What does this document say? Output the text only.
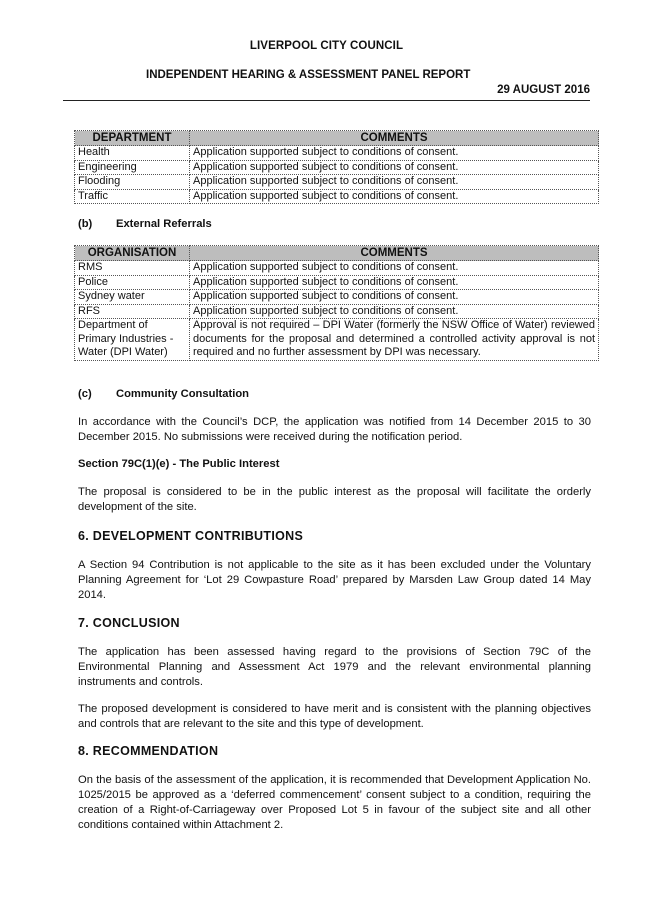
LIVERPOOL CITY COUNCIL
INDEPENDENT HEARING & ASSESSMENT PANEL REPORT
29 AUGUST 2016
DEPARTMENT	COMMENTS
Health	Application supported subject to conditions of consent.
Engineering	Application supported subject to conditions of consent.
Flooding	Application supported subject to conditions of consent.
Traffic	Application supported subject to conditions of consent.
(b) External Referrals
ORGANISATION	COMMENTS
RMS	Application supported subject to conditions of consent.
Police	Application supported subject to conditions of consent.
Sydney water	Application supported subject to conditions of consent.
RFS	Application supported subject to conditions of consent.
Department of Primary Industries - Water (DPI Water)	Approval is not required – DPI Water (formerly the NSW Office of Water) reviewed documents for the proposal and determined a controlled activity approval is not required and no further assessment by DPI was necessary.
(c) Community Consultation
In accordance with the Council’s DCP, the application was notified from 14 December 2015 to 30 December 2015. No submissions were received during the notification period.
Section 79C(1)(e) - The Public Interest
The proposal is considered to be in the public interest as the proposal will facilitate the orderly development of the site.
6. DEVELOPMENT CONTRIBUTIONS
A Section 94 Contribution is not applicable to the site as it has been excluded under the Voluntary Planning Agreement for ‘Lot 29 Cowpasture Road’ prepared by Marsden Law Group dated 14 May 2014.
7. CONCLUSION
The application has been assessed having regard to the provisions of Section 79C of the Environmental Planning and Assessment Act 1979 and the relevant environmental planning instruments and controls.
The proposed development is considered to have merit and is consistent with the planning objectives and controls that are relevant to the site and this type of development.
8. RECOMMENDATION
On the basis of the assessment of the application, it is recommended that Development Application No. 1025/2015 be approved as a ‘deferred commencement’ consent subject to a condition, requiring the creation of a Right-of-Carriageway over Proposed Lot 5 in favour of the subject site and all other conditions contained within Attachment 2.
